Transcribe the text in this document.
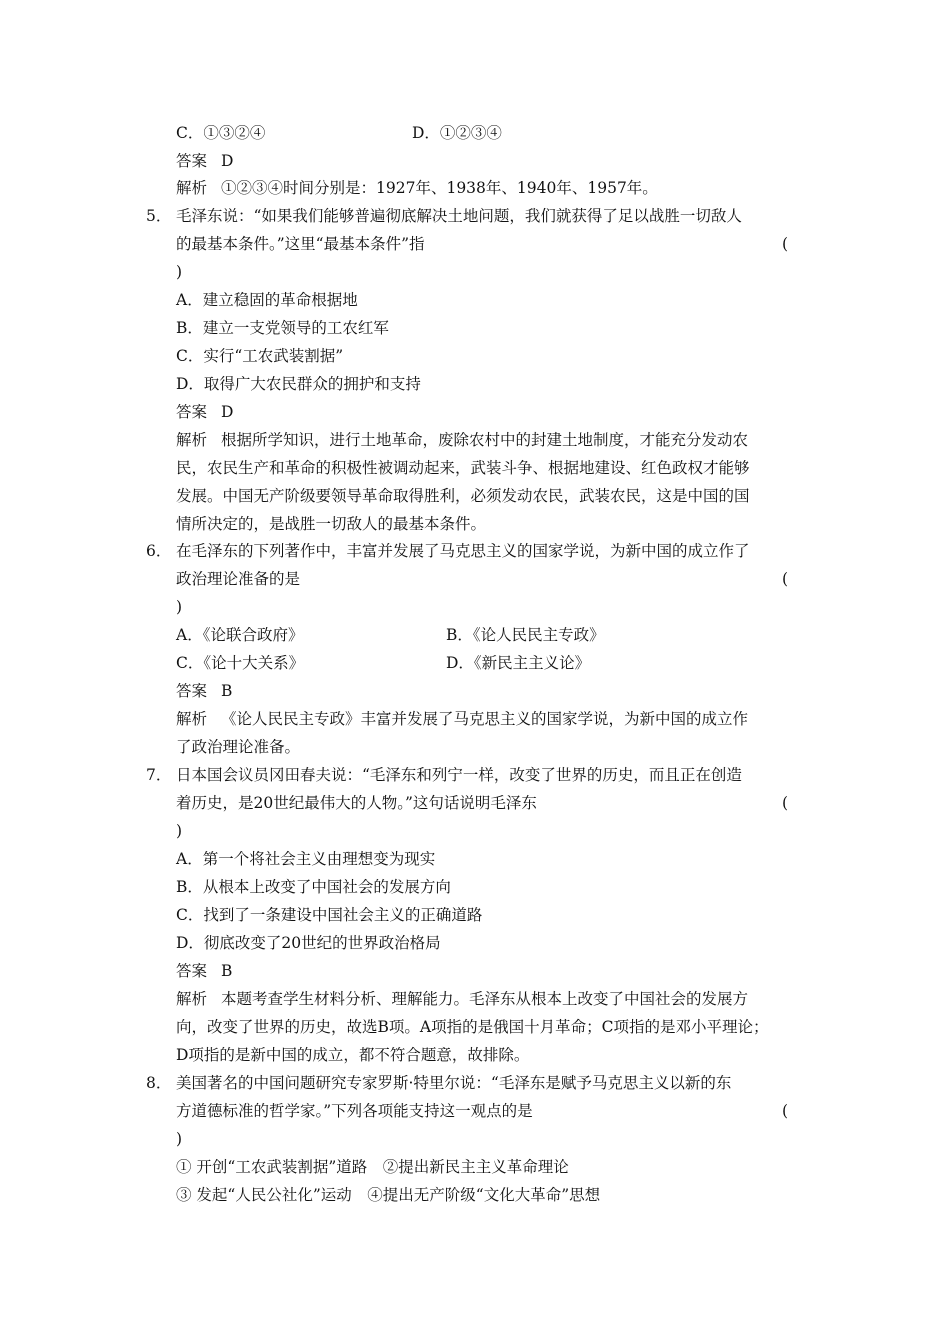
C．①③②④	D．①②③④
答案 D
解析 ①②③④时间分别是：1927年、1938年、1940年、1957年。
5． 毛泽东说：“如果我们能够普遍彻底解决土地问题，我们就获得了足以战胜一切敌人
的最基本条件。”这里“最基本条件”指	(
)
A．建立稳固的革命根据地
B．建立一支党领导的工农红军
C．实行“工农武装割据”
D．取得广大农民群众的拥护和支持
答案 D
解析 根据所学知识，进行土地革命，废除农村中的封建土地制度，才能充分发动农
民，农民生产和革命的积极性被调动起来，武装斗争、根据地建设、红色政权才能够
发展。中国无产阶级要领导革命取得胜利，必须发动农民，武装农民，这是中国的国
情所决定的，是战胜一切敌人的最基本条件。
6． 在毛泽东的下列著作中，丰富并发展了马克思主义的国家学说，为新中国的成立作了
政治理论准备的是	(
)
A．《论联合政府》	B．《论人民民主专政》
C．《论十大关系》	D．《新民主主义论》
答案 B
解析 《论人民民主专政》丰富并发展了马克思主义的国家学说，为新中国的成立作
了政治理论准备。
7． 日本国会议员冈田春夫说：“毛泽东和列宁一样，改变了世界的历史，而且正在创造
着历史，是20世纪最伟大的人物。”这句话说明毛泽东	(
)
A．第一个将社会主义由理想变为现实
B．从根本上改变了中国社会的发展方向
C．找到了一条建设中国社会主义的正确道路
D．彻底改变了20世纪的世界政治格局
答案 B
解析 本题考查学生材料分析、理解能力。毛泽东从根本上改变了中国社会的发展方
向，改变了世界的历史，故选B项。A项指的是俄国十月革命；C项指的是邓小平理论；
D项指的是新中国的成立，都不符合题意，故排除。
8． 美国著名的中国问题研究专家罗斯·特里尔说：“毛泽东是赋予马克思主义以新的东
方道德标准的哲学家。”下列各项能支持这一观点的是	(
)
① 开创“工农武装割据”道路　②提出新民主主义革命理论
③ 发起“人民公社化”运动　④提出无产阶级“文化大革命”思想
